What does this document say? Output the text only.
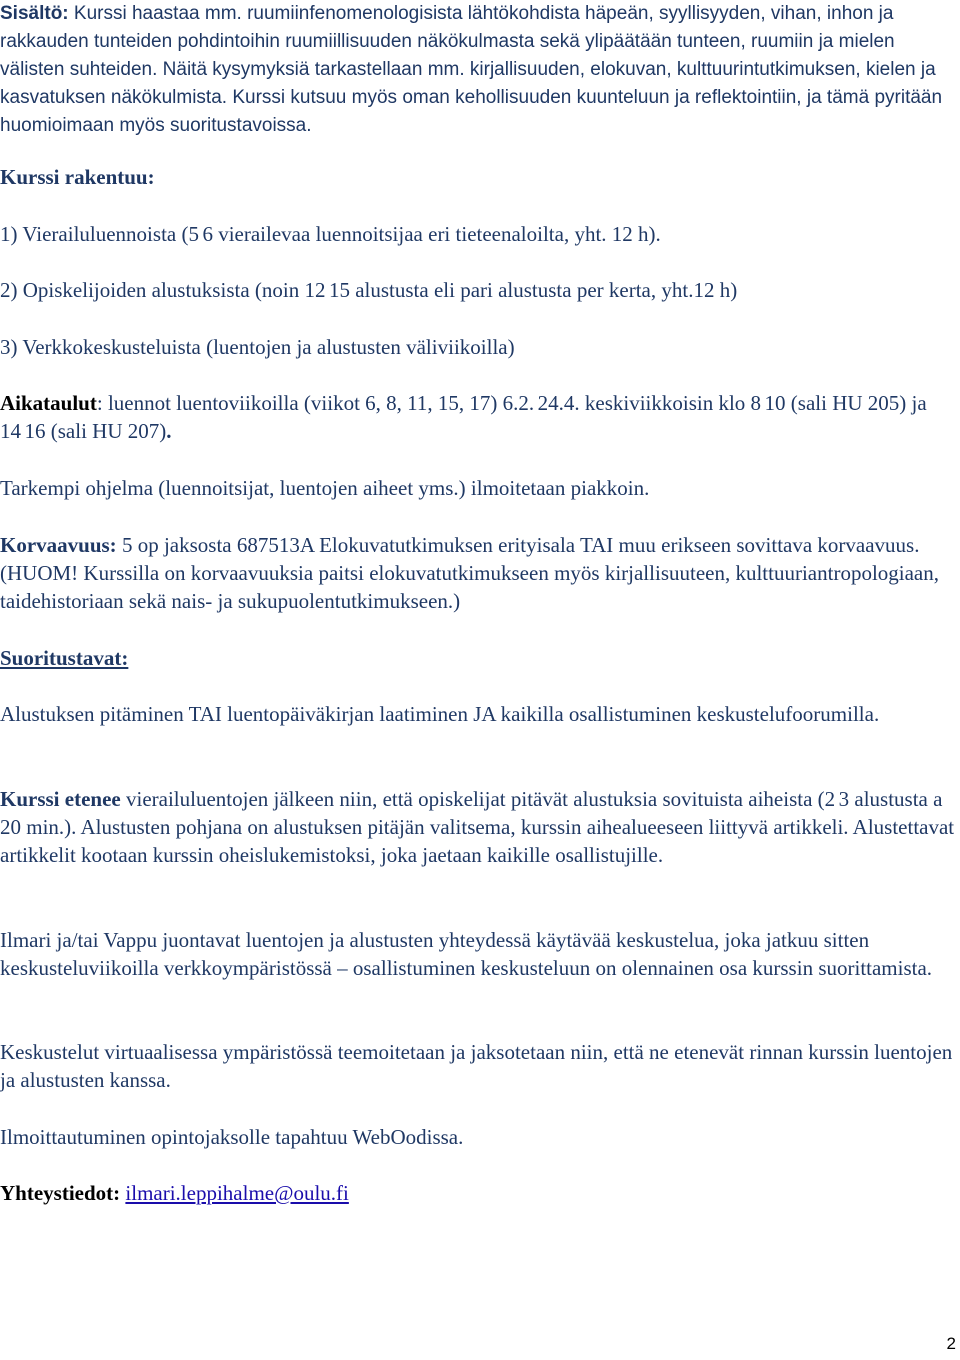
Sisältö: Kurssi haastaa mm. ruumiinfenomenologisista lähtökohdista häpeän, syyllisyyden, vihan, inhon ja rakkauden tunteiden pohdintoihin ruumiillisuuden näkökulmasta sekä ylipäätään tunteen, ruumiin ja mielen välisten suhteiden. Näitä kysymyksiä tarkastellaan mm. kirjallisuuden, elokuvan, kulttuurintutkimuksen, kielen ja kasvatuksen näkökulmista. Kurssi kutsuu myös oman kehollisuuden kuunteluun ja reflektointiin, ja tämä pyritään huomioimaan myös suoritustavoissa.

Kurssi rakentuu:

1) Vierailuluennoista (5 6 vierailevaa luennoitsijaa eri tieteenaloilta, yht. 12 h).

2) Opiskelijoiden alustuksista (noin 12 15 alustusta eli pari alustusta per kerta, yht.12 h)

3) Verkkokeskusteluista (luentojen ja alustusten väliviikoilla)

Aikataulut: luennot luentoviikoilla (viikot 6, 8, 11, 15, 17) 6.2. 24.4. keskiviikkoisin klo 8 10 (sali HU 205) ja 14 16 (sali HU 207).

Tarkempi ohjelma (luennoitsijat, luentojen aiheet yms.) ilmoitetaan piakkoin.

Korvaavuus: 5 op jaksosta 687513A Elokuvatutkimuksen erityisala TAI muu erikseen sovittava korvaavuus. (HUOM! Kurssilla on korvaavuuksia paitsi elokuvatutkimukseen myös kirjallisuuteen, kulttuuriantropologiaan, taidehistoriaan sekä nais- ja sukupuolentutkimukseen.)

Suoritustavat:

Alustuksen pitäminen TAI luentopäiväkirjan laatiminen JA kaikilla osallistuminen keskustelufoorumilla.

Kurssi etenee vierailuluentojen jälkeen niin, että opiskelijat pitävät alustuksia sovituista aiheista (2 3 alustusta a 20 min.). Alustusten pohjana on alustuksen pitäjän valitsema, kurssin aihealueeseen liittyvä artikkeli. Alustettavat artikkelit kootaan kurssin oheislukemistoksi, joka jaetaan kaikille osallistujille.

Ilmari ja/tai Vappu juontavat luentojen ja alustusten yhteydessä käytävää keskustelua, joka jatkuu sitten keskusteluviikoilla verkkoympäristössä – osallistuminen keskusteluun on olennainen osa kurssin suorittamista.

Keskustelut virtuaalisessa ympäristössä teemoitetaan ja jaksotetaan niin, että ne etenevät rinnan kurssin luentojen ja alustusten kanssa.

Ilmoittautuminen opintojaksolle tapahtuu WebOodissa.

Yhteystiedot: ilmari.leppihalme@oulu.fi

2
